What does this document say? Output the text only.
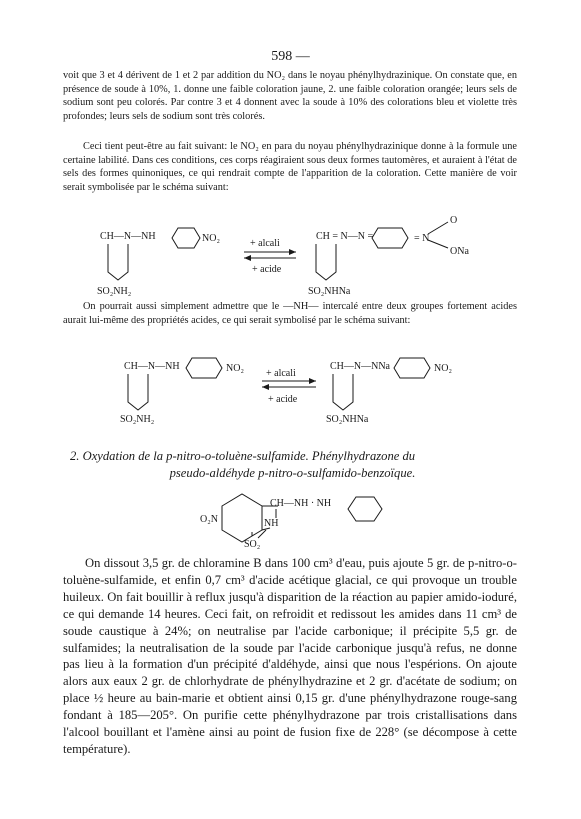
598 —

voit que 3 et 4 dérivent de 1 et 2 par addition du NO₂ dans le noyau phénylhydrazinique. On constate que, en présence de soude à 10%, 1. donne une faible coloration jaune, 2. une faible coloration orangée; leurs sels de sodium sont peu colorés. Par contre 3 et 4 donnent avec la soude à 10% des colorations bleu et violette très profondes; leurs sels de sodium sont très colorés.

Ceci tient peut-être au fait suivant: le NO₂ en para du noyau phénylhydrazinique donne à la formule une certaine labilité. Dans ces conditions, ces corps réagiraient sous deux formes tautomères, et auraient à l'état de sels des formes quinoniques, ce qui rendrait compte de l'apparition de la coloration. Cette manière de voir serait symbolisée par le schéma suivant:

CH—N—NH	NO₂
SO₂NH₂
+ alcali
+ acide
CH = N—N =	= N
O
ONa
SO₂NHNa
CH—N—NH	NO₂
SO₂NH₂
+ alcali
+ acide
CH—N—NNa	NO₂
SO₂NHNa
CH—NH · NH
NH
O₂N
SO₂

On pourrait aussi simplement admettre que le —NH— intercalé entre deux groupes fortement acides aurait lui-même des propriétés acides, ce qui serait symbolisé par le schéma suivant:

2. Oxydation de la p-nitro-o-toluène-sulfamide. Phénylhydrazone du
pseudo-aldéhyde p-nitro-o-sulfamido-benzoïque.

On dissout 3,5 gr. de chloramine B dans 100 cm³ d'eau, puis ajoute 5 gr. de p-nitro-o-toluène-sulfamide, et enfin 0,7 cm³ d'acide acétique glacial, ce qui provoque un trouble huileux. On fait bouillir à reflux jusqu'à disparition de la réaction au papier amido-ioduré, ce qui demande 14 heures. Ceci fait, on refroidit et redissout les amides dans 11 cm³ de soude caustique à 24%; on neutralise par l'acide carbonique; il précipite 5,5 gr. de sulfamides; la neutralisation de la soude par l'acide carbonique jusqu'à refus, ne donne pas lieu à la formation d'un précipité d'aldéhyde, ainsi que nous l'espérions. On ajoute alors aux eaux 2 gr. de chlorhydrate de phénylhydrazine et 2 gr. d'acétate de sodium; on place ½ heure au bain-marie et obtient ainsi 0,15 gr. d'une phénylhydrazone rouge-sang fondant à 185—205°. On purifie cette phénylhydrazone par trois cristallisations dans l'alcool bouillant et l'amène ainsi au point de fusion fixe de 228° (se décompose à cette température).
